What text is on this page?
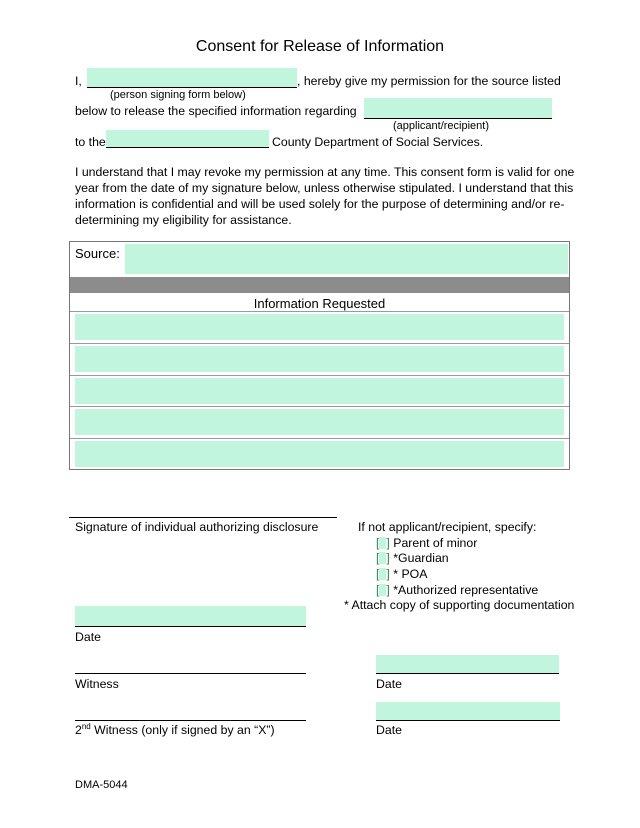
Consent for Release of Information
I,	, hereby give my permission for the source listed
(person signing form below)
below to release the specified information regarding
(applicant/recipient)
to the	County Department of Social Services.
I understand that I may revoke my permission at any time. This consent form is valid for one year from the date of my signature below, unless otherwise stipulated. I understand that this information is confidential and will be used solely for the purpose of determining and/or re-determining my eligibility for assistance.
Source:
Information Requested
Signature of individual authorizing disclosure	If not applicant/recipient, specify:
[ ] Parent of minor
[ ] *Guardian
[ ] * POA
[ ] *Authorized representative
* Attach copy of supporting documentation
Date
Witness	Date
2nd Witness (only if signed by an “X”)	Date
DMA-5044
